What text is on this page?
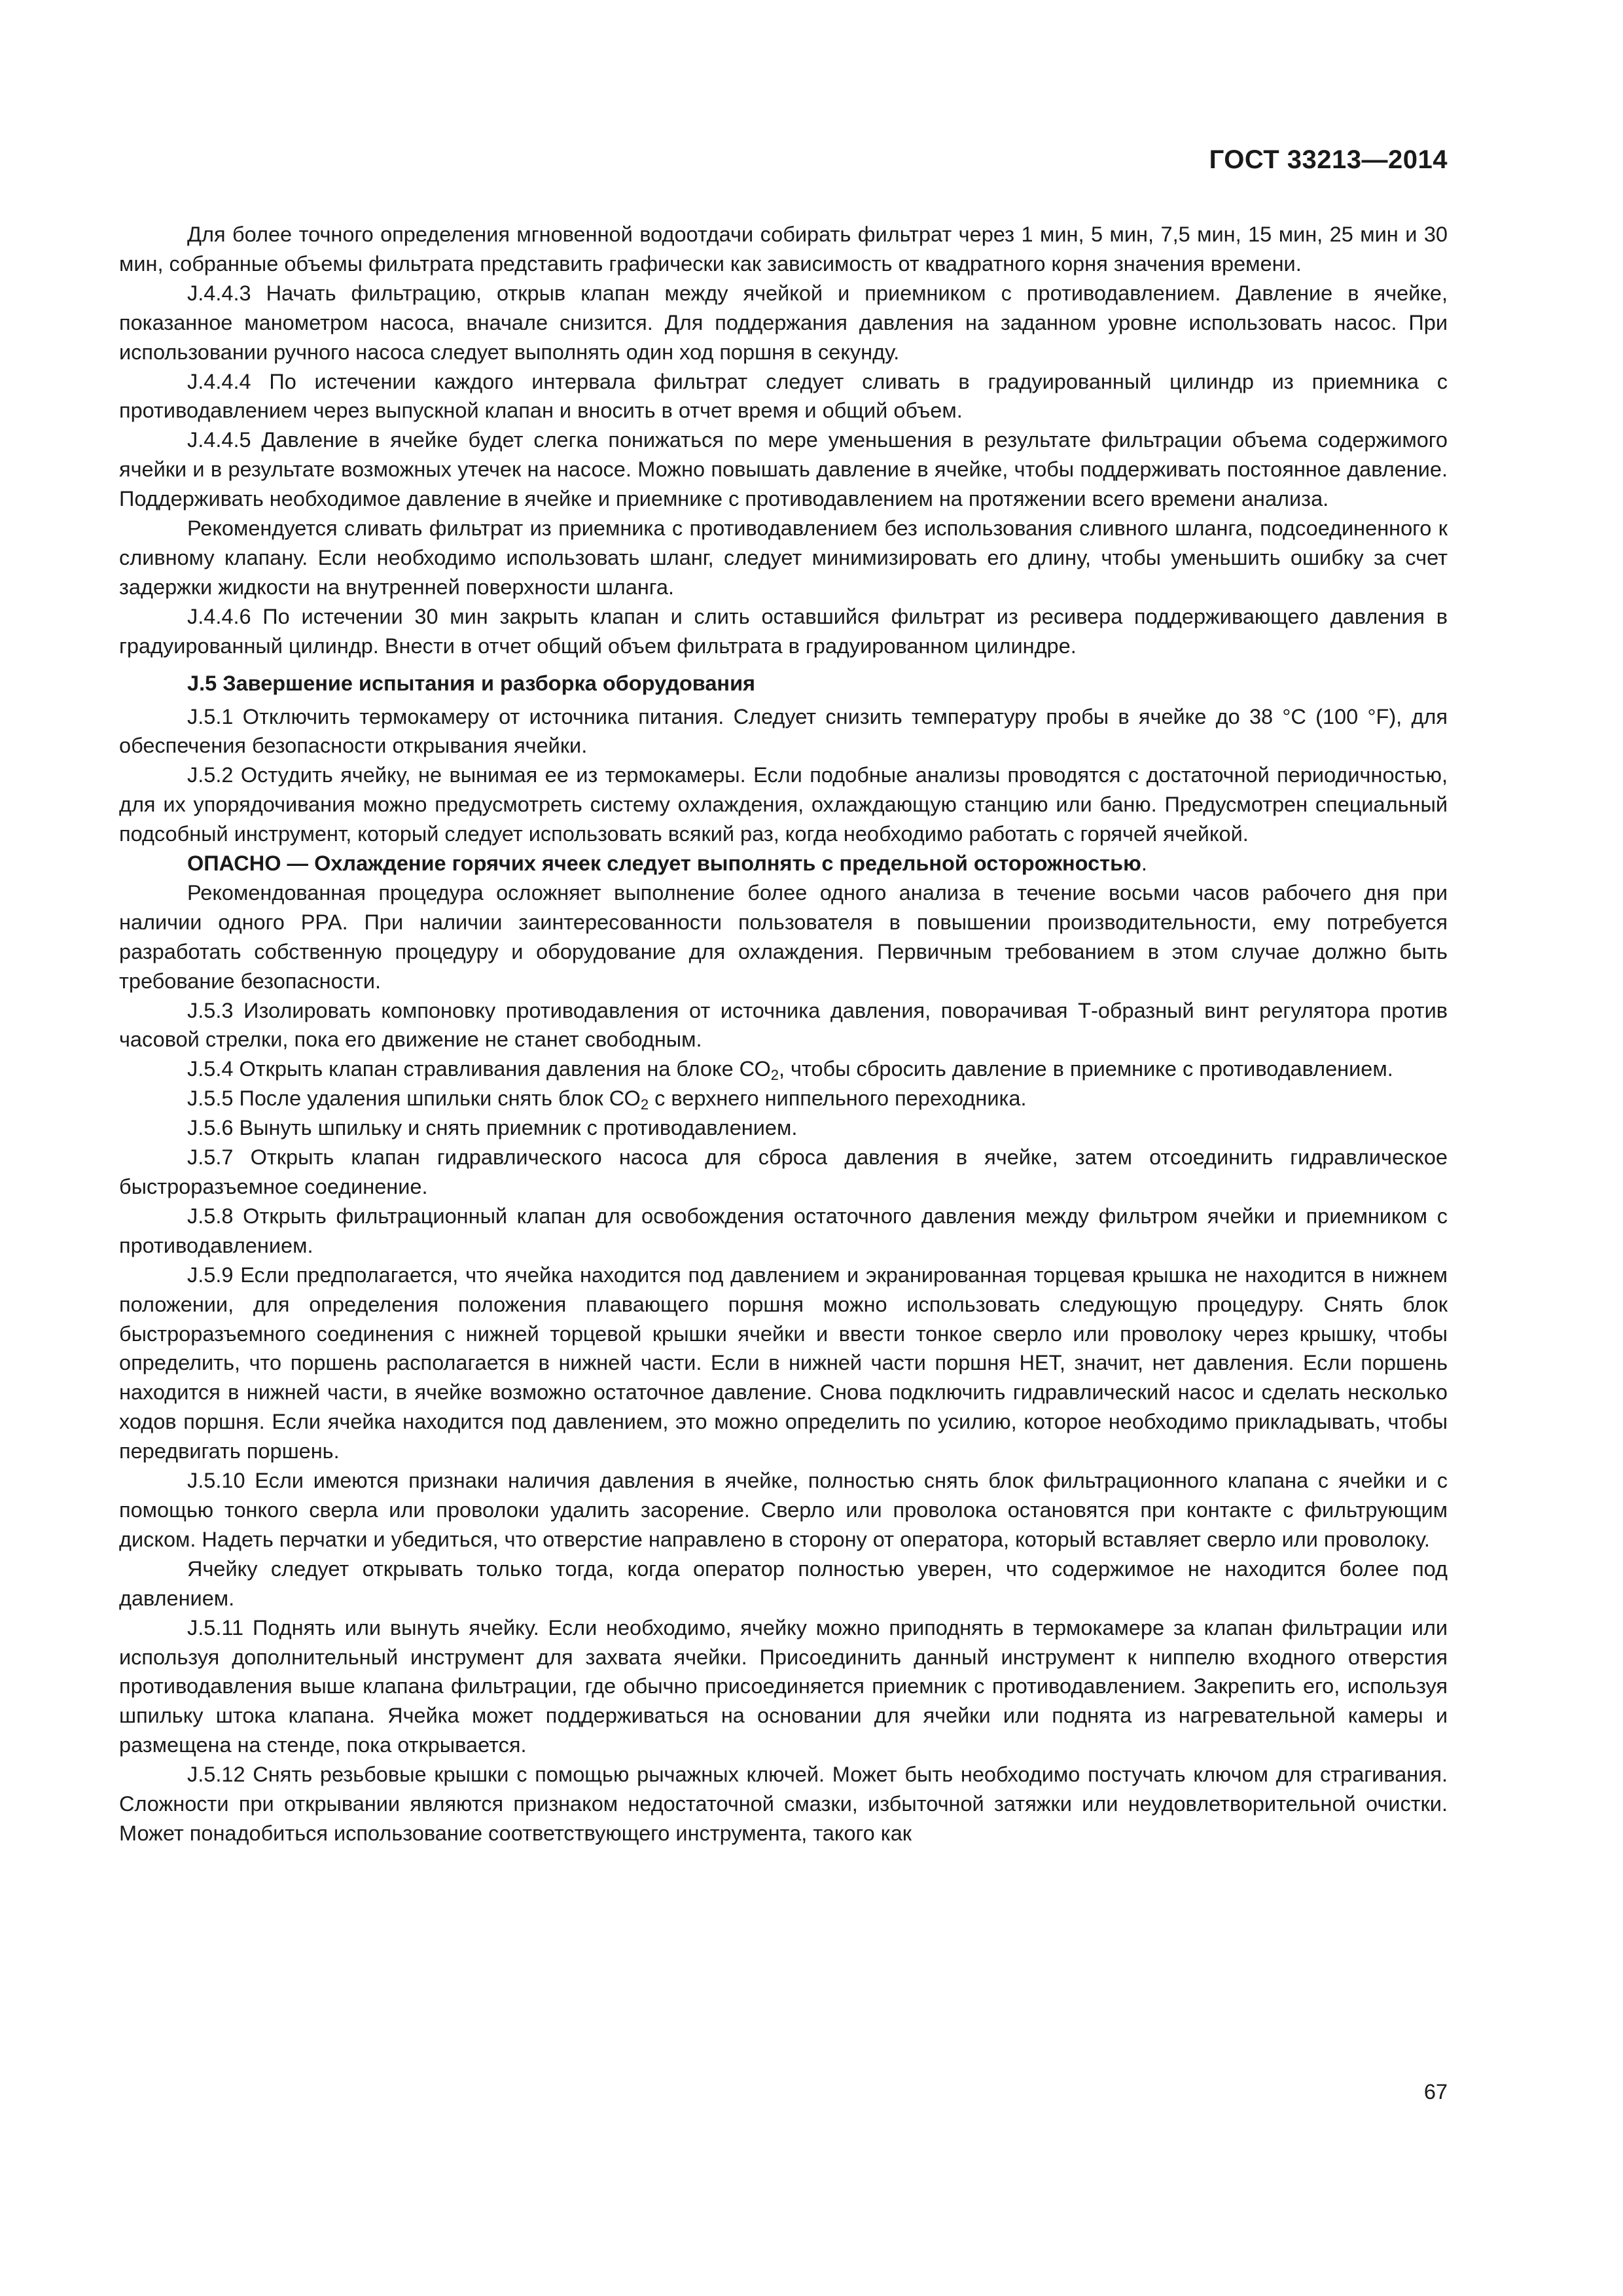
ГОСТ 33213—2014

Для более точного определения мгновенной водоотдачи собирать фильтрат через 1 мин, 5 мин, 7,5 мин, 15 мин, 25 мин и 30 мин, собранные объемы фильтрата представить графически как зависимость от квадратного корня значения времени.

J.4.4.3 Начать фильтрацию, открыв клапан между ячейкой и приемником с противодавлением. Давление в ячейке, показанное манометром насоса, вначале снизится. Для поддержания давления на заданном уровне использовать насос. При использовании ручного насоса следует выполнять один ход поршня в секунду.

J.4.4.4 По истечении каждого интервала фильтрат следует сливать в градуированный цилиндр из приемника с противодавлением через выпускной клапан и вносить в отчет время и общий объем.

J.4.4.5 Давление в ячейке будет слегка понижаться по мере уменьшения в результате фильтрации объема содержимого ячейки и в результате возможных утечек на насосе. Можно повышать давление в ячейке, чтобы поддерживать постоянное давление. Поддерживать необходимое давление в ячейке и приемнике с противодавлением на протяжении всего времени анализа.

Рекомендуется сливать фильтрат из приемника с противодавлением без использования сливного шланга, подсоединенного к сливному клапану. Если необходимо использовать шланг, следует минимизировать его длину, чтобы уменьшить ошибку за счет задержки жидкости на внутренней поверхности шланга.

J.4.4.6 По истечении 30 мин закрыть клапан и слить оставшийся фильтрат из ресивера поддерживающего давления в градуированный цилиндр. Внести в отчет общий объем фильтрата в градуированном цилиндре.

J.5 Завершение испытания и разборка оборудования

J.5.1 Отключить термокамеру от источника питания. Следует снизить температуру пробы в ячейке до 38 °С (100 °F), для обеспечения безопасности открывания ячейки.

J.5.2 Остудить ячейку, не вынимая ее из термокамеры. Если подобные анализы проводятся с достаточной периодичностью, для их упорядочивания можно предусмотреть систему охлаждения, охлаждающую станцию или баню. Предусмотрен специальный подсобный инструмент, который следует использовать всякий раз, когда необходимо работать с горячей ячейкой.

ОПАСНО — Охлаждение горячих ячеек следует выполнять с предельной осторожностью.

Рекомендованная процедура осложняет выполнение более одного анализа в течение восьми часов рабочего дня при наличии одного РРА. При наличии заинтересованности пользователя в повышении производительности, ему потребуется разработать собственную процедуру и оборудование для охлаждения. Первичным требованием в этом случае должно быть требование безопасности.

J.5.3 Изолировать компоновку противодавления от источника давления, поворачивая Т-образный винт регулятора против часовой стрелки, пока его движение не станет свободным.

J.5.4 Открыть клапан стравливания давления на блоке $СО_2$, чтобы сбросить давление в приемнике с противодавлением.

J.5.5 После удаления шпильки снять блок $СО_2$ с верхнего ниппельного переходника.

J.5.6 Вынуть шпильку и снять приемник с противодавлением.

J.5.7 Открыть клапан гидравлического насоса для сброса давления в ячейке, затем отсоединить гидравлическое быстроразъемное соединение.

J.5.8 Открыть фильтрационный клапан для освобождения остаточного давления между фильтром ячейки и приемником с противодавлением.

J.5.9 Если предполагается, что ячейка находится под давлением и экранированная торцевая крышка не находится в нижнем положении, для определения положения плавающего поршня можно использовать следующую процедуру. Снять блок быстроразъемного соединения с нижней торцевой крышки ячейки и ввести тонкое сверло или проволоку через крышку, чтобы определить, что поршень располагается в нижней части. Если в нижней части поршня НЕТ, значит, нет давления. Если поршень находится в нижней части, в ячейке возможно остаточное давление. Снова подключить гидравлический насос и сделать несколько ходов поршня. Если ячейка находится под давлением, это можно определить по усилию, которое необходимо прикладывать, чтобы передвигать поршень.

J.5.10 Если имеются признаки наличия давления в ячейке, полностью снять блок фильтрационного клапана с ячейки и с помощью тонкого сверла или проволоки удалить засорение. Сверло или проволока остановятся при контакте с фильтрующим диском. Надеть перчатки и убедиться, что отверстие направлено в сторону от оператора, который вставляет сверло или проволоку.

Ячейку следует открывать только тогда, когда оператор полностью уверен, что содержимое не находится более под давлением.

J.5.11 Поднять или вынуть ячейку. Если необходимо, ячейку можно приподнять в термокамере за клапан фильтрации или используя дополнительный инструмент для захвата ячейки. Присоединить данный инструмент к ниппелю входного отверстия противодавления выше клапана фильтрации, где обычно присоединяется приемник с противодавлением. Закрепить его, используя шпильку штока клапана. Ячейка может поддерживаться на основании для ячейки или поднята из нагревательной камеры и размещена на стенде, пока открывается.

J.5.12 Снять резьбовые крышки с помощью рычажных ключей. Может быть необходимо постучать ключом для страгивания. Сложности при открывании являются признаком недостаточной смазки, избыточной затяжки или неудовлетворительной очистки. Может понадобиться использование соответствующего инструмента, такого как

67
